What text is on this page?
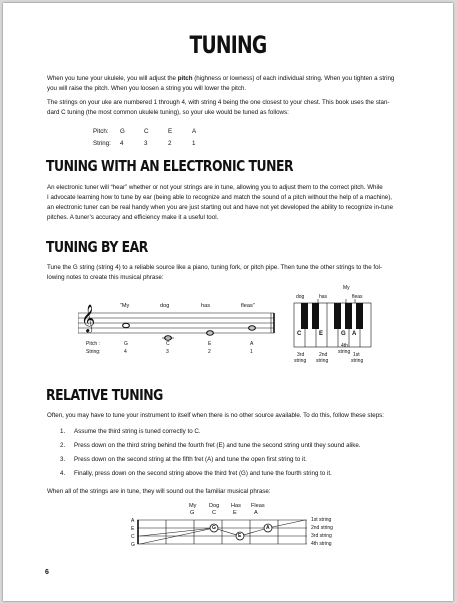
TUNING
When you tune your ukulele, you will adjust the pitch (highness or lowness) of each individual string. When you tighten a string
you will raise the pitch. When you loosen a string you will lower the pitch.
The strings on your uke are numbered 1 through 4, with string 4 being the one closest to your chest. This book uses the stan-
dard C tuning (the most common ukulele tuning), so your uke would be tuned as follows:
Pitch: G	C	E	A
String: 4	3	2	1
TUNING WITH AN ELECTRONIC TUNER
An electronic tuner will “hear” whether or not your strings are in tune, allowing you to adjust them to the correct pitch. While
I advocate learning how to tune by ear (being able to recognize and match the sound of a pitch without the help of a machine),
an electronic tuner can be real handy when you are just starting out and have not yet developed the ability to recognize in-tune
pitches. A tuner’s accuracy and efficiency make it a useful tool.
TUNING BY EAR
Tune the G string (string 4) to a reliable source like a piano, tuning fork, or pitch pipe. Then tune the other strings to the fol-
lowing notes to create this musical phrase:
𝄞	“My	dog	has	fleas”
Pitch :
String:
G	C	E	A
4	3	2	1
dog	has
My
fleas
C	E	G A
3rd
string
2nd
string
4th
string 1st
string
RELATIVE TUNING
Often, you may have to tune your instrument to itself when there is no other source available. To do this, follow these steps:
1. Assume the third string is tuned correctly to C.
2. Press down on the third string behind the fourth fret (E) and tune the second string until they sound alike.
3. Press down on the second string at the fifth fret (A) and tune the open first string to it.
4. Finally, press down on the second string above the third fret (G) and tune the fourth string to it.
When all of the strings are in tune, they will sound out the familiar musical phrase:
My Dog Has Fleas
G	C	E	A
A
E
C
G
G
E
A
1st string
2nd string
3rd string
4th string
6
